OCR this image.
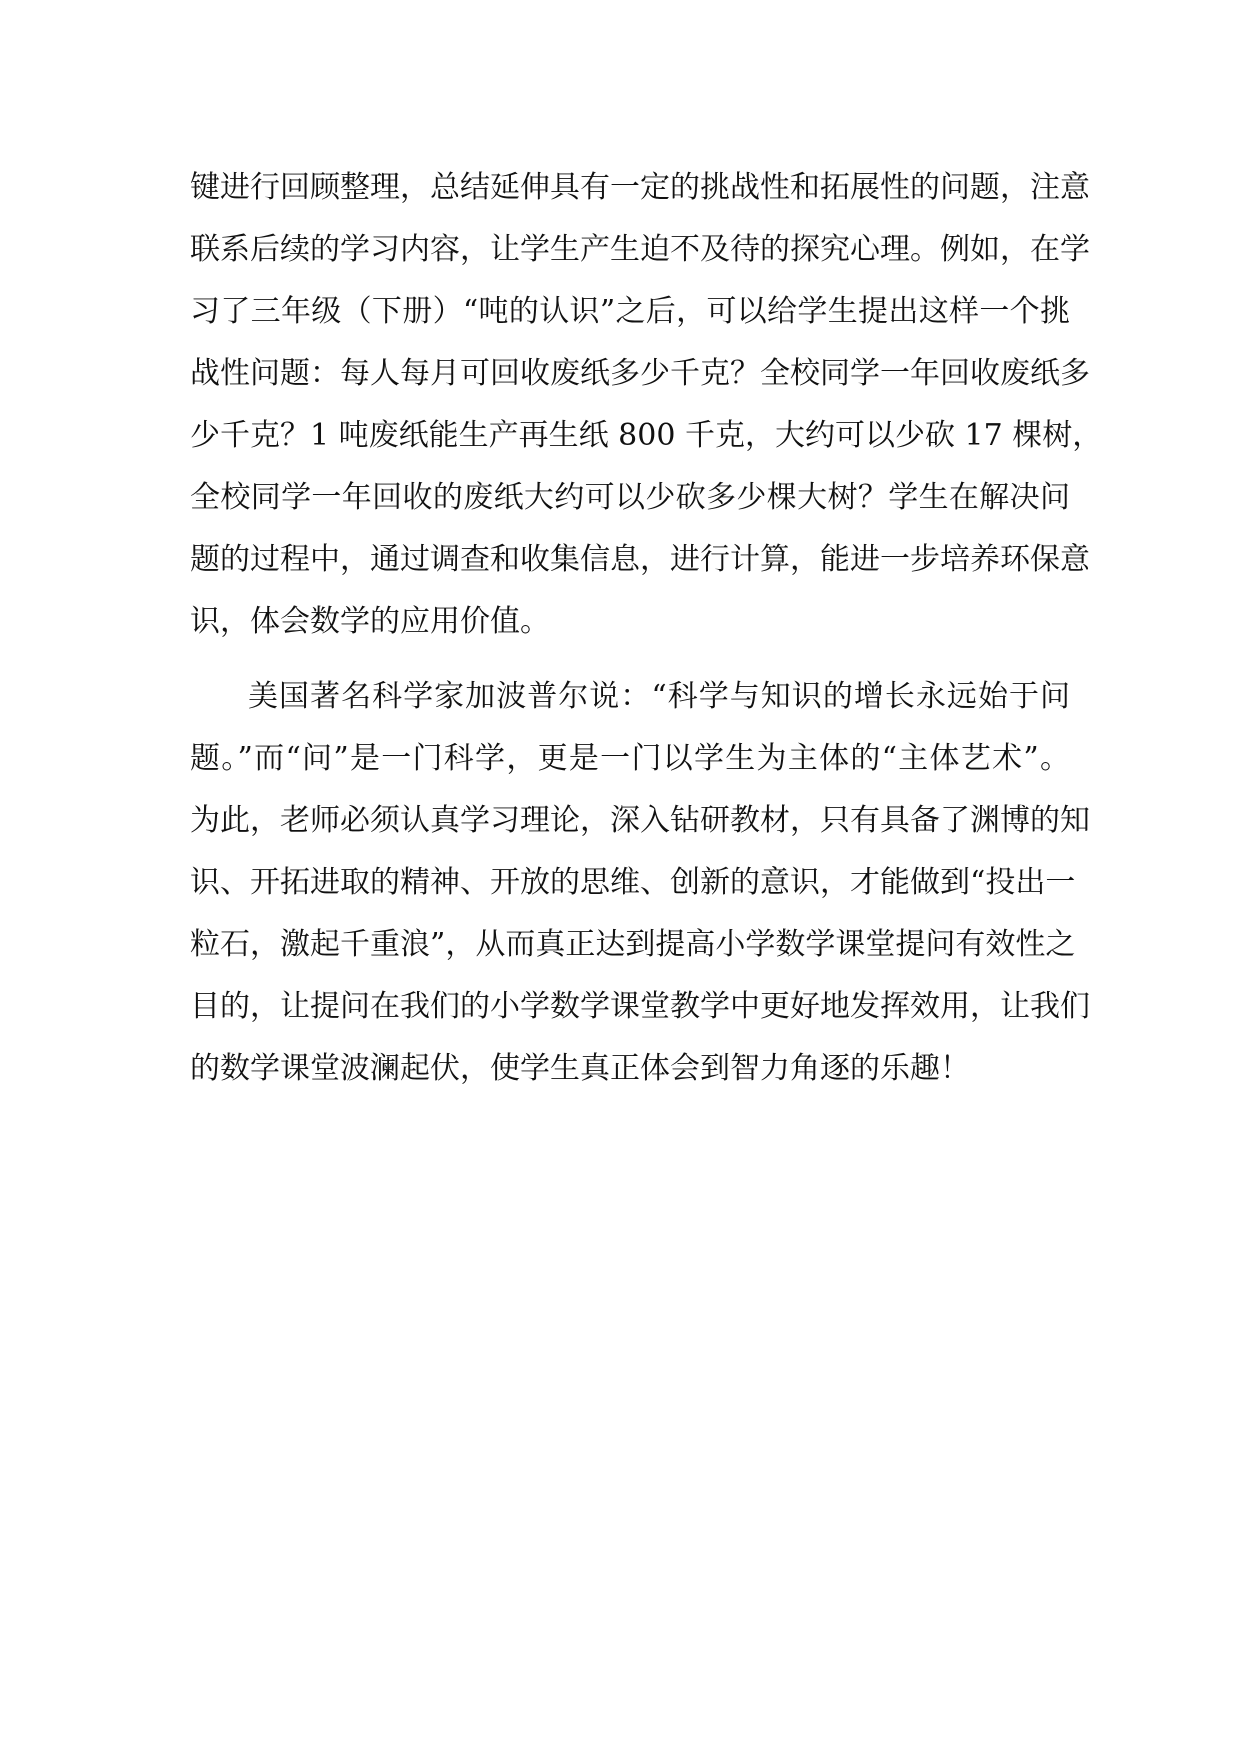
键进行回顾整理，总结延伸具有一定的挑战性和拓展性的问题，注意
联系后续的学习内容，让学生产生迫不及待的探究心理。例如，在学
习了三年级（下册）“吨的认识”之后，可以给学生提出这样一个挑
战性问题：每人每月可回收废纸多少千克？全校同学一年回收废纸多
少千克？1 吨废纸能生产再生纸 800 千克，大约可以少砍 17 棵树，
全校同学一年回收的废纸大约可以少砍多少棵大树？学生在解决问
题的过程中，通过调查和收集信息，进行计算，能进一步培养环保意
识，体会数学的应用价值。
美国著名科学家加波普尔说：“科学与知识的增长永远始于问
题。”而“问”是一门科学，更是一门以学生为主体的“主体艺术”。
为此，老师必须认真学习理论，深入钻研教材，只有具备了渊博的知
识、开拓进取的精神、开放的思维、创新的意识，才能做到“投出一
粒石，激起千重浪”，从而真正达到提高小学数学课堂提问有效性之
目的，让提问在我们的小学数学课堂教学中更好地发挥效用，让我们
的数学课堂波澜起伏，使学生真正体会到智力角逐的乐趣！
